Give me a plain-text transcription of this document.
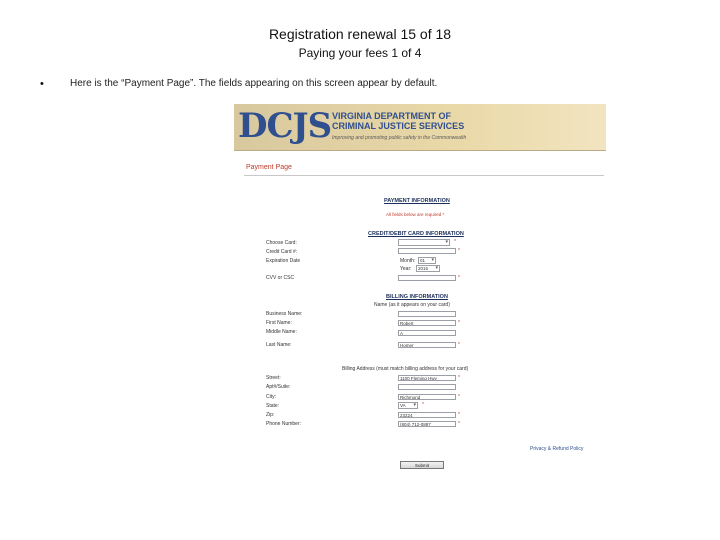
Registration renewal 15 of 18
Paying your fees 1 of 4
•	Here is the “Payment Page”. The fields appearing on this screen appear by default.
DCJS VIRGINIA DEPARTMENT OF
CRIMINAL JUSTICE SERVICES
Improving and promoting public safety in the Commonwealth
Payment Page
PAYMENT INFORMATION
All fields below are required *
CREDIT/DEBIT CARD INFORMATION
Choose Card:
▾	*
Credit Card #:	*
Expiration Date	Month:	01 ▾
Year:	2015 ▾
CVV or CSC	*
BILLING INFORMATION
Name (as it appears on your card)
Business Name:
First Name:	Robert	*
Middle Name:	A
Last Name:	Homer	*
Billing Address (must match billing address for your card)
Street:	1100 Fleming Hwy	*
Apt#/Suite:
City:	Richmond	*
State:	VA ▾	*
Zip:	23224	*
Phone Number:	(804) 712-0897	*
Privacy & Refund Policy
Submit
